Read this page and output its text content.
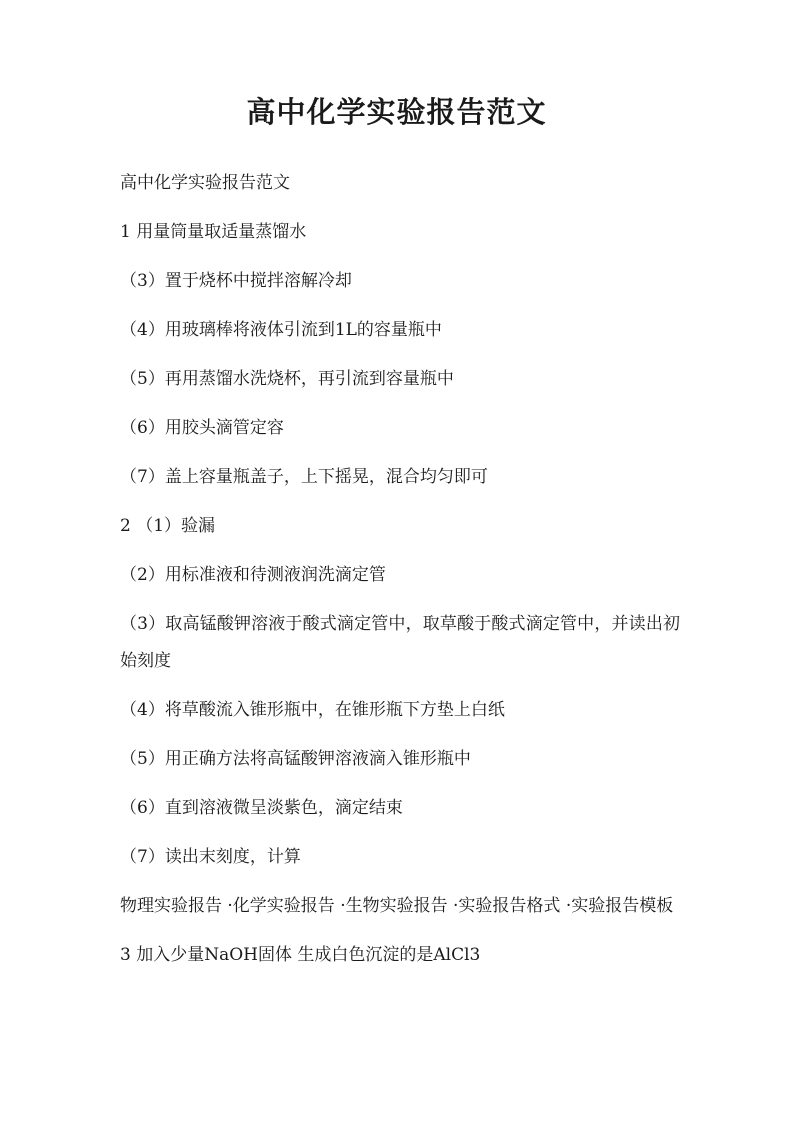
高中化学实验报告范文

高中化学实验报告范文

1 用量筒量取适量蒸馏水

（3）置于烧杯中搅拌溶解冷却

（4）用玻璃棒将液体引流到1L的容量瓶中

（5）再用蒸馏水洗烧杯，再引流到容量瓶中

（6）用胶头滴管定容

（7）盖上容量瓶盖子，上下摇晃，混合均匀即可

2 （1）验漏

（2）用标准液和待测液润洗滴定管

（3）取高锰酸钾溶液于酸式滴定管中，取草酸于酸式滴定管中，并读出初始刻度

（4）将草酸流入锥形瓶中，在锥形瓶下方垫上白纸

（5）用正确方法将高锰酸钾溶液滴入锥形瓶中

（6）直到溶液微呈淡紫色，滴定结束

（7）读出末刻度，计算

物理实验报告 ·化学实验报告 ·生物实验报告 ·实验报告格式 ·实验报告模板

3 加入少量NaOH固体 生成白色沉淀的是AlCl3
